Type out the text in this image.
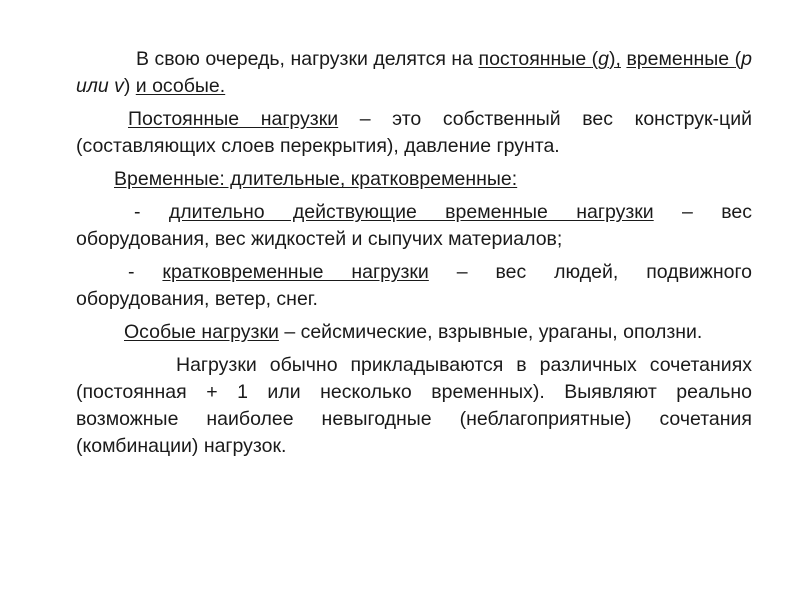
В свою очередь, нагрузки делятся на постоянные (g), временные (p или v) и особые.

Постоянные нагрузки – это собственный вес конструк-ций (составляющих слоев перекрытия), давление грунта.

Временные: длительные, кратковременные:

- длительно действующие временные нагрузки – вес оборудования, вес жидкостей и сыпучих материалов;

- кратковременные нагрузки – вес людей, подвижного оборудования, ветер, снег.

Особые нагрузки – сейсмические, взрывные, ураганы, оползни.

Нагрузки обычно прикладываются в различных сочетаниях (постоянная + 1 или несколько временных). Выявляют реально возможные наиболее невыгодные (неблагоприятные) сочетания (комбинации) нагрузок.
